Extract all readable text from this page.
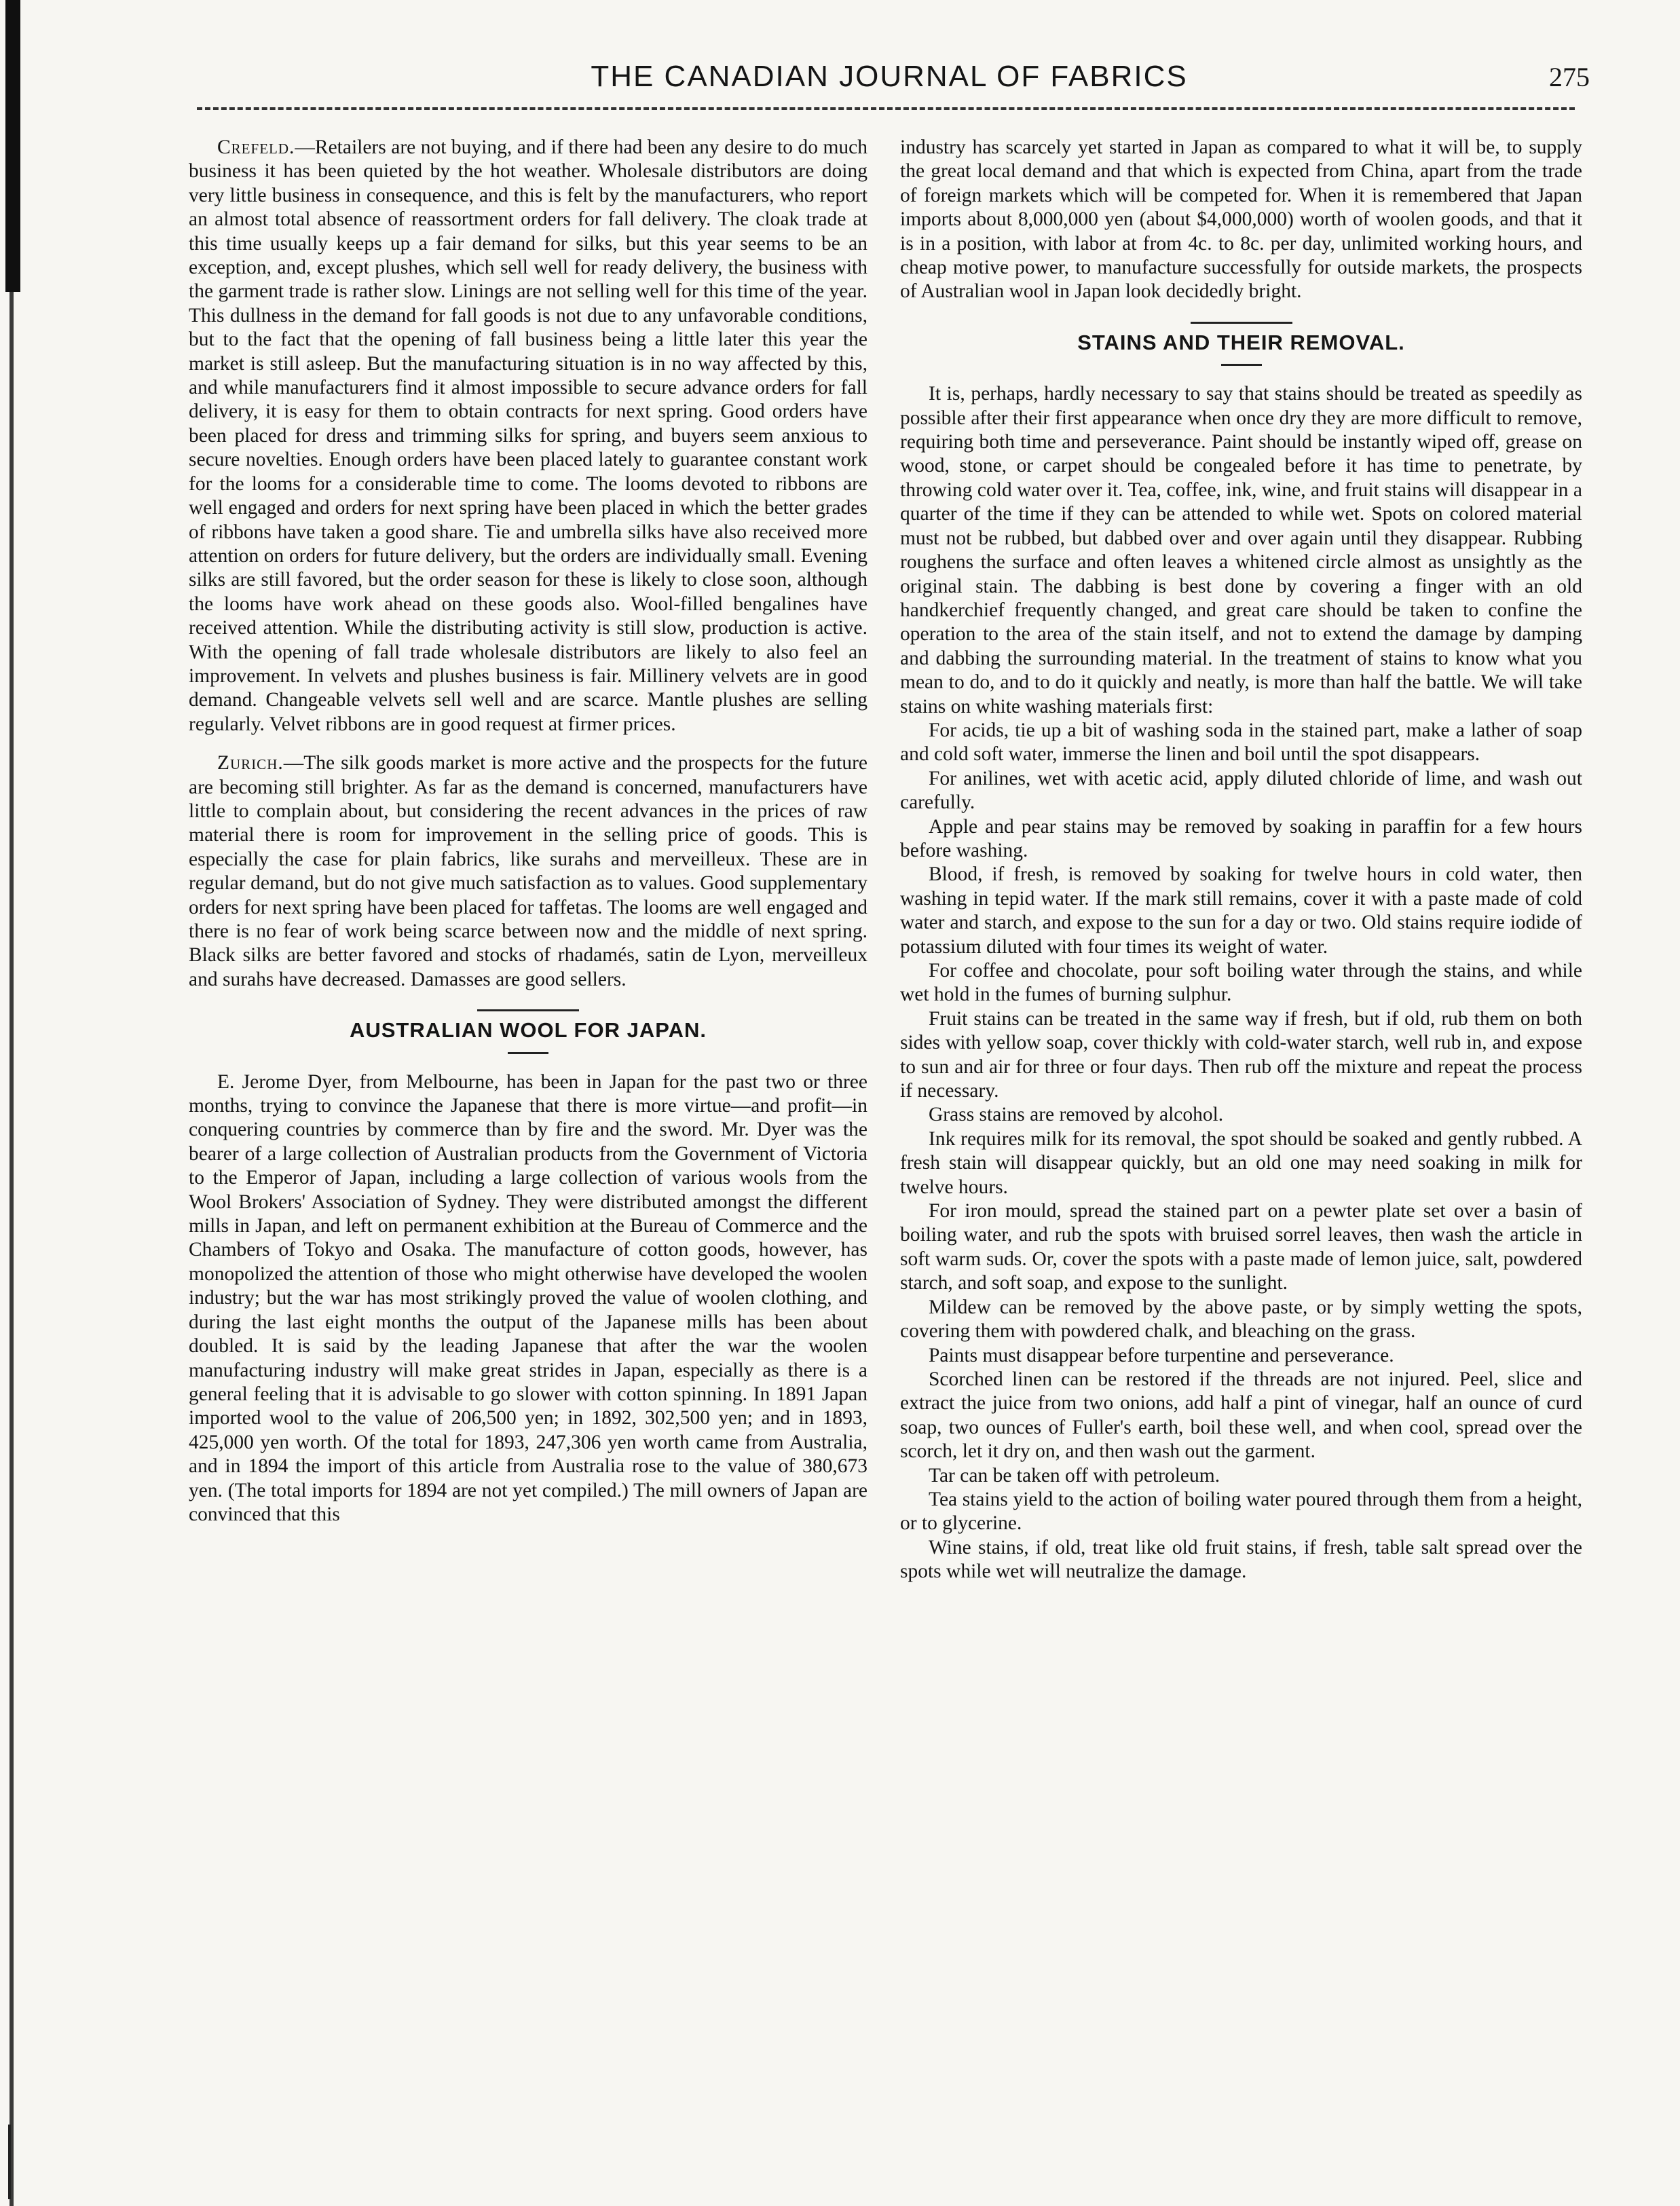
THE CANADIAN JOURNAL OF FABRICS	275

Crefeld.—Retailers are not buying, and if there had been any desire to do much business it has been quieted by the hot weather. Wholesale distributors are doing very little business in consequence, and this is felt by the manufacturers, who report an almost total absence of reassortment orders for fall delivery. The cloak trade at this time usually keeps up a fair demand for silks, but this year seems to be an exception, and, except plushes, which sell well for ready delivery, the business with the garment trade is rather slow. Linings are not selling well for this time of the year. This dullness in the demand for fall goods is not due to any unfavorable conditions, but to the fact that the opening of fall business being a little later this year the market is still asleep. But the manufacturing situation is in no way affected by this, and while manufacturers find it almost impossible to secure advance orders for fall delivery, it is easy for them to obtain contracts for next spring. Good orders have been placed for dress and trimming silks for spring, and buyers seem anxious to secure novelties. Enough orders have been placed lately to guarantee constant work for the looms for a considerable time to come. The looms devoted to ribbons are well engaged and orders for next spring have been placed in which the better grades of ribbons have taken a good share. Tie and umbrella silks have also received more attention on orders for future delivery, but the orders are individually small. Evening silks are still favored, but the order season for these is likely to close soon, although the looms have work ahead on these goods also. Wool-filled bengalines have received attention. While the distributing activity is still slow, production is active. With the opening of fall trade wholesale distributors are likely to also feel an improvement. In velvets and plushes business is fair. Millinery velvets are in good demand. Changeable velvets sell well and are scarce. Mantle plushes are selling regularly. Velvet ribbons are in good request at firmer prices.

Zurich.—The silk goods market is more active and the prospects for the future are becoming still brighter. As far as the demand is concerned, manufacturers have little to complain about, but considering the recent advances in the prices of raw material there is room for improvement in the selling price of goods. This is especially the case for plain fabrics, like surahs and merveilleux. These are in regular demand, but do not give much satisfaction as to values. Good supplementary orders for next spring have been placed for taffetas. The looms are well engaged and there is no fear of work being scarce between now and the middle of next spring. Black silks are better favored and stocks of rhadamés, satin de Lyon, merveilleux and surahs have decreased. Damasses are good sellers.

AUSTRALIAN WOOL FOR JAPAN.

E. Jerome Dyer, from Melbourne, has been in Japan for the past two or three months, trying to convince the Japanese that there is more virtue—and profit—in conquering countries by commerce than by fire and the sword. Mr. Dyer was the bearer of a large collection of Australian products from the Government of Victoria to the Emperor of Japan, including a large collection of various wools from the Wool Brokers' Association of Sydney. They were distributed amongst the different mills in Japan, and left on permanent exhibition at the Bureau of Commerce and the Chambers of Tokyo and Osaka. The manufacture of cotton goods, however, has monopolized the attention of those who might otherwise have developed the woolen industry; but the war has most strikingly proved the value of woolen clothing, and during the last eight months the output of the Japanese mills has been about doubled. It is said by the leading Japanese that after the war the woolen manufacturing industry will make great strides in Japan, especially as there is a general feeling that it is advisable to go slower with cotton spinning. In 1891 Japan imported wool to the value of 206,500 yen; in 1892, 302,500 yen; and in 1893, 425,000 yen worth. Of the total for 1893, 247,306 yen worth came from Australia, and in 1894 the import of this article from Australia rose to the value of 380,673 yen. (The total imports for 1894 are not yet compiled.) The mill owners of Japan are convinced that this

industry has scarcely yet started in Japan as compared to what it will be, to supply the great local demand and that which is expected from China, apart from the trade of foreign markets which will be competed for. When it is remembered that Japan imports about 8,000,000 yen (about $4,000,000) worth of woolen goods, and that it is in a position, with labor at from 4c. to 8c. per day, unlimited working hours, and cheap motive power, to manufacture successfully for outside markets, the prospects of Australian wool in Japan look decidedly bright.

STAINS AND THEIR REMOVAL.

It is, perhaps, hardly necessary to say that stains should be treated as speedily as possible after their first appearance when once dry they are more difficult to remove, requiring both time and perseverance. Paint should be instantly wiped off, grease on wood, stone, or carpet should be congealed before it has time to penetrate, by throwing cold water over it. Tea, coffee, ink, wine, and fruit stains will disappear in a quarter of the time if they can be attended to while wet. Spots on colored material must not be rubbed, but dabbed over and over again until they disappear. Rubbing roughens the surface and often leaves a whitened circle almost as unsightly as the original stain. The dabbing is best done by covering a finger with an old handkerchief frequently changed, and great care should be taken to confine the operation to the area of the stain itself, and not to extend the damage by damping and dabbing the surrounding material. In the treatment of stains to know what you mean to do, and to do it quickly and neatly, is more than half the battle. We will take stains on white washing materials first:

For acids, tie up a bit of washing soda in the stained part, make a lather of soap and cold soft water, immerse the linen and boil until the spot disappears.

For anilines, wet with acetic acid, apply diluted chloride of lime, and wash out carefully.

Apple and pear stains may be removed by soaking in paraffin for a few hours before washing.

Blood, if fresh, is removed by soaking for twelve hours in cold water, then washing in tepid water. If the mark still remains, cover it with a paste made of cold water and starch, and expose to the sun for a day or two. Old stains require iodide of potassium diluted with four times its weight of water.

For coffee and chocolate, pour soft boiling water through the stains, and while wet hold in the fumes of burning sulphur.

Fruit stains can be treated in the same way if fresh, but if old, rub them on both sides with yellow soap, cover thickly with cold-water starch, well rub in, and expose to sun and air for three or four days. Then rub off the mixture and repeat the process if necessary.

Grass stains are removed by alcohol.

Ink requires milk for its removal, the spot should be soaked and gently rubbed. A fresh stain will disappear quickly, but an old one may need soaking in milk for twelve hours.

For iron mould, spread the stained part on a pewter plate set over a basin of boiling water, and rub the spots with bruised sorrel leaves, then wash the article in soft warm suds. Or, cover the spots with a paste made of lemon juice, salt, powdered starch, and soft soap, and expose to the sunlight.

Mildew can be removed by the above paste, or by simply wetting the spots, covering them with powdered chalk, and bleaching on the grass.

Paints must disappear before turpentine and perseverance.

Scorched linen can be restored if the threads are not injured. Peel, slice and extract the juice from two onions, add half a pint of vinegar, half an ounce of curd soap, two ounces of Fuller's earth, boil these well, and when cool, spread over the scorch, let it dry on, and then wash out the garment.

Tar can be taken off with petroleum.

Tea stains yield to the action of boiling water poured through them from a height, or to glycerine.

Wine stains, if old, treat like old fruit stains, if fresh, table salt spread over the spots while wet will neutralize the damage.
